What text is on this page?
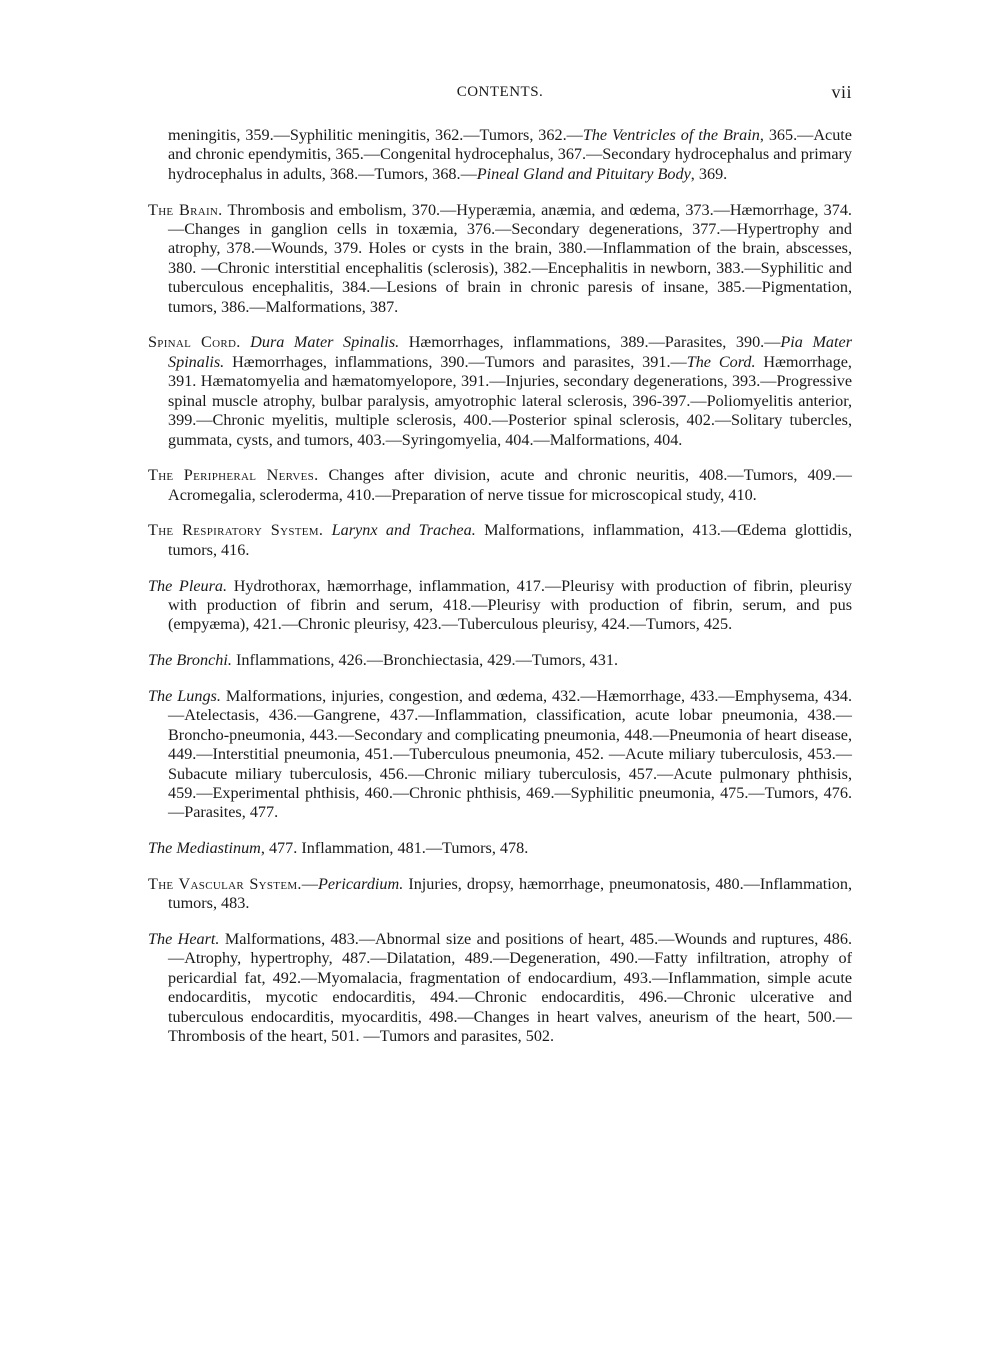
CONTENTS.	vii

meningitis, 359.—Syphilitic meningitis, 362.—Tumors, 362.—The Ventricles of the Brain, 365.—Acute and chronic ependymitis, 365.—Congenital hydrocephalus, 367.—Secondary hydrocephalus and primary hydrocephalus in adults, 368.—Tumors, 368.—Pineal Gland and Pituitary Body, 369.

The Brain. Thrombosis and embolism, 370.—Hyperæmia, anæmia, and œdema, 373.—Hæmorrhage, 374.—Changes in ganglion cells in toxæmia, 376.—Secondary degenerations, 377.—Hypertrophy and atrophy, 378.—Wounds, 379. Holes or cysts in the brain, 380.—Inflammation of the brain, abscesses, 380. —Chronic interstitial encephalitis (sclerosis), 382.—Encephalitis in newborn, 383.—Syphilitic and tuberculous encephalitis, 384.—Lesions of brain in chronic paresis of insane, 385.—Pigmentation, tumors, 386.—Malformations, 387.

Spinal Cord. Dura Mater Spinalis. Hæmorrhages, inflammations, 389.—Parasites, 390.—Pia Mater Spinalis. Hæmorrhages, inflammations, 390.—Tumors and parasites, 391.—The Cord. Hæmorrhage, 391. Hæmatomyelia and hæmatomyelopore, 391.—Injuries, secondary degenerations, 393.—Progressive spinal muscle atrophy, bulbar paralysis, amyotrophic lateral sclerosis, 396-397.—Poliomyelitis anterior, 399.—Chronic myelitis, multiple sclerosis, 400.—Posterior spinal sclerosis, 402.—Solitary tubercles, gummata, cysts, and tumors, 403.—Syringomyelia, 404.—Malformations, 404.

The Peripheral Nerves. Changes after division, acute and chronic neuritis, 408.—Tumors, 409.—Acromegalia, scleroderma, 410.—Preparation of nerve tissue for microscopical study, 410.

The Respiratory System. Larynx and Trachea. Malformations, inflammation, 413.—Œdema glottidis, tumors, 416.

The Pleura. Hydrothorax, hæmorrhage, inflammation, 417.—Pleurisy with production of fibrin, pleurisy with production of fibrin and serum, 418.—Pleurisy with production of fibrin, serum, and pus (empyæma), 421.—Chronic pleurisy, 423.—Tuberculous pleurisy, 424.—Tumors, 425.

The Bronchi. Inflammations, 426.—Bronchiectasia, 429.—Tumors, 431.

The Lungs. Malformations, injuries, congestion, and œdema, 432.—Hæmorrhage, 433.—Emphysema, 434.—Atelectasis, 436.—Gangrene, 437.—Inflammation, classification, acute lobar pneumonia, 438.—Broncho-pneumonia, 443.—Secondary and complicating pneumonia, 448.—Pneumonia of heart disease, 449.—Interstitial pneumonia, 451.—Tuberculous pneumonia, 452. —Acute miliary tuberculosis, 453.—Subacute miliary tuberculosis, 456.—Chronic miliary tuberculosis, 457.—Acute pulmonary phthisis, 459.—Experimental phthisis, 460.—Chronic phthisis, 469.—Syphilitic pneumonia, 475.—Tumors, 476.—Parasites, 477.

The Mediastinum, 477. Inflammation, 481.—Tumors, 478.

The Vascular System.—Pericardium. Injuries, dropsy, hæmorrhage, pneumonatosis, 480.—Inflammation, tumors, 483.

The Heart. Malformations, 483.—Abnormal size and positions of heart, 485.—Wounds and ruptures, 486.—Atrophy, hypertrophy, 487.—Dilatation, 489.—Degeneration, 490.—Fatty infiltration, atrophy of pericardial fat, 492.—Myomalacia, fragmentation of endocardium, 493.—Inflammation, simple acute endocarditis, mycotic endocarditis, 494.—Chronic endocarditis, 496.—Chronic ulcerative and tuberculous endocarditis, myocarditis, 498.—Changes in heart valves, aneurism of the heart, 500.—Thrombosis of the heart, 501. —Tumors and parasites, 502.
